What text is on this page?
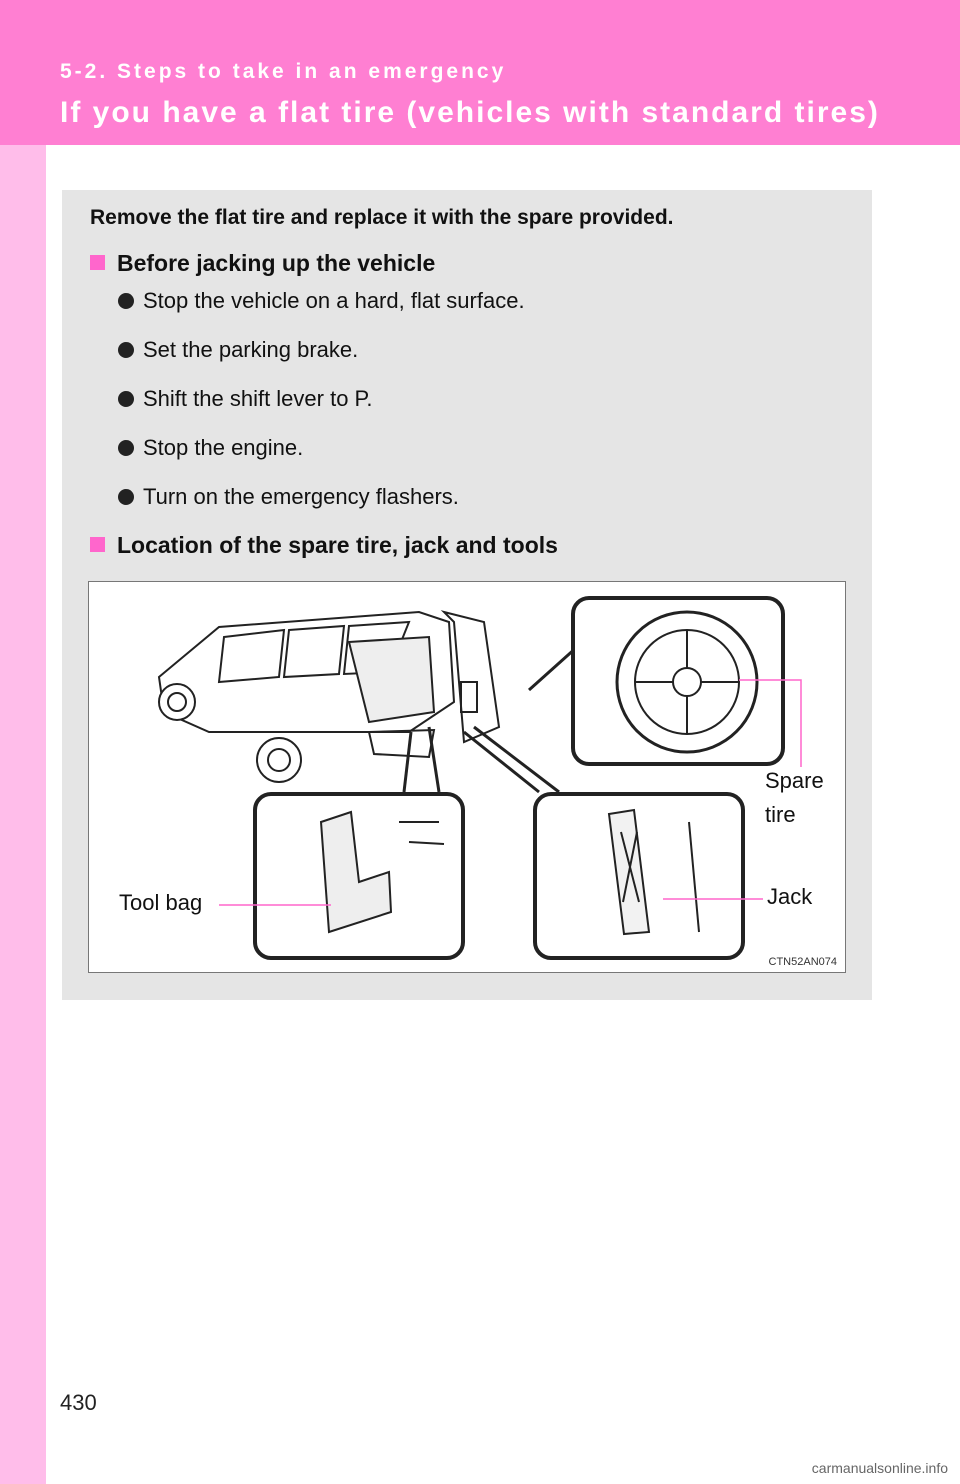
5-2. Steps to take in an emergency

If you have a flat tire (vehicles with standard tires)

Remove the flat tire and replace it with the spare provided.

Before jacking up the vehicle
Stop the vehicle on a hard, flat surface.
Set the parking brake.
Shift the shift lever to P.
Stop the engine.
Turn on the emergency flashers.
Location of the spare tire, jack and tools

Spare

tire

Jack

Tool bag

CTN52AN074

430

carmanualsonline.info
